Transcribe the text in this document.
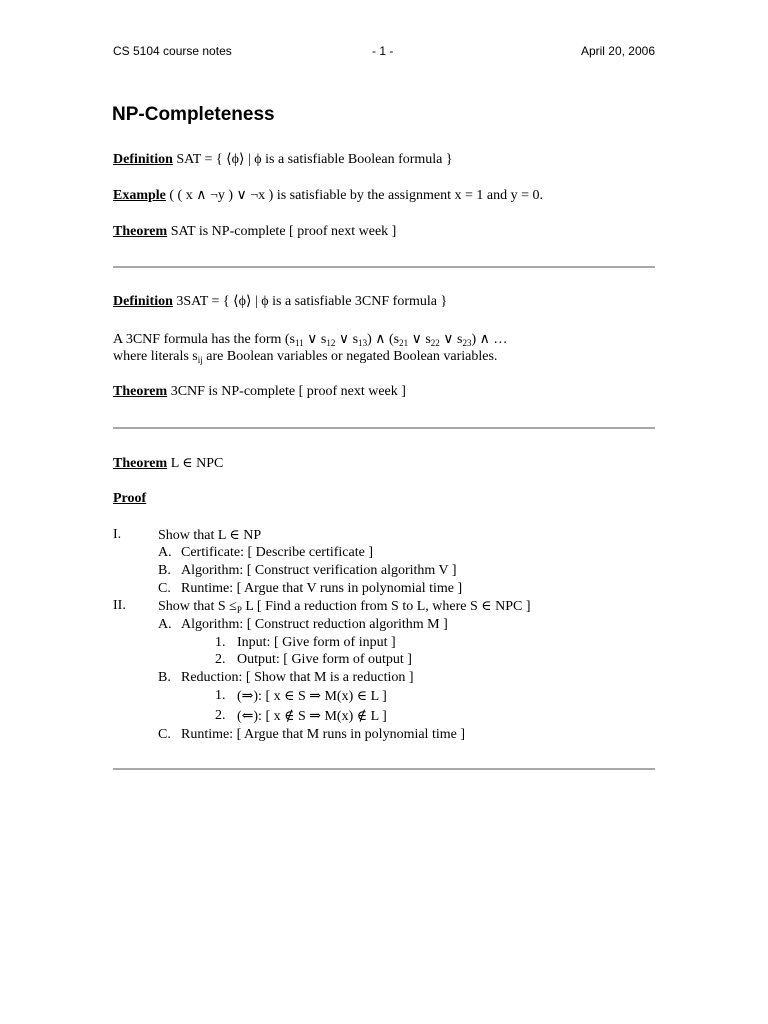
CS 5104 course notes	- 1 -	April 20, 2006
NP-Completeness
Definition SAT = { ⟨ϕ⟩ | ϕ is a satisfiable Boolean formula }
Example ( ( x ∧ ¬y ) ∨ ¬x ) is satisfiable by the assignment x = 1 and y = 0.
Theorem SAT is NP-complete [ proof next week ]
Definition 3SAT = { ⟨ϕ⟩ | ϕ is a satisfiable 3CNF formula }
A 3CNF formula has the form ($s_{11}$ ∨ $s_{12}$ ∨ $s_{13}$) ∧ ($s_{21}$ ∨ $s_{22}$ ∨ $s_{23}$) ∧ …
where literals $s_{ij}$ are Boolean variables or negated Boolean variables.
Theorem 3CNF is NP-complete [ proof next week ]
Theorem L ∈ NPC
Proof
I.	Show that L ∈ NP
A. Certificate: [ Describe certificate ]
B. Algorithm: [ Construct verification algorithm V ]
C. Runtime: [ Argue that V runs in polynomial time ]
II. Show that $S \le_P$ L [ Find a reduction from S to L, where S ∈ NPC ]
A. Algorithm: [ Construct reduction algorithm M ]
1. Input: [ Give form of input ]
2. Output: [ Give form of output ]
B. Reduction: [ Show that M is a reduction ]
1. (⇒): [ x ∈ S ⇒ M(x) ∈ L ]
2. (⇐): [ x ∉ S ⇒ M(x) ∉ L ]
C. Runtime: [ Argue that M runs in polynomial time ]
